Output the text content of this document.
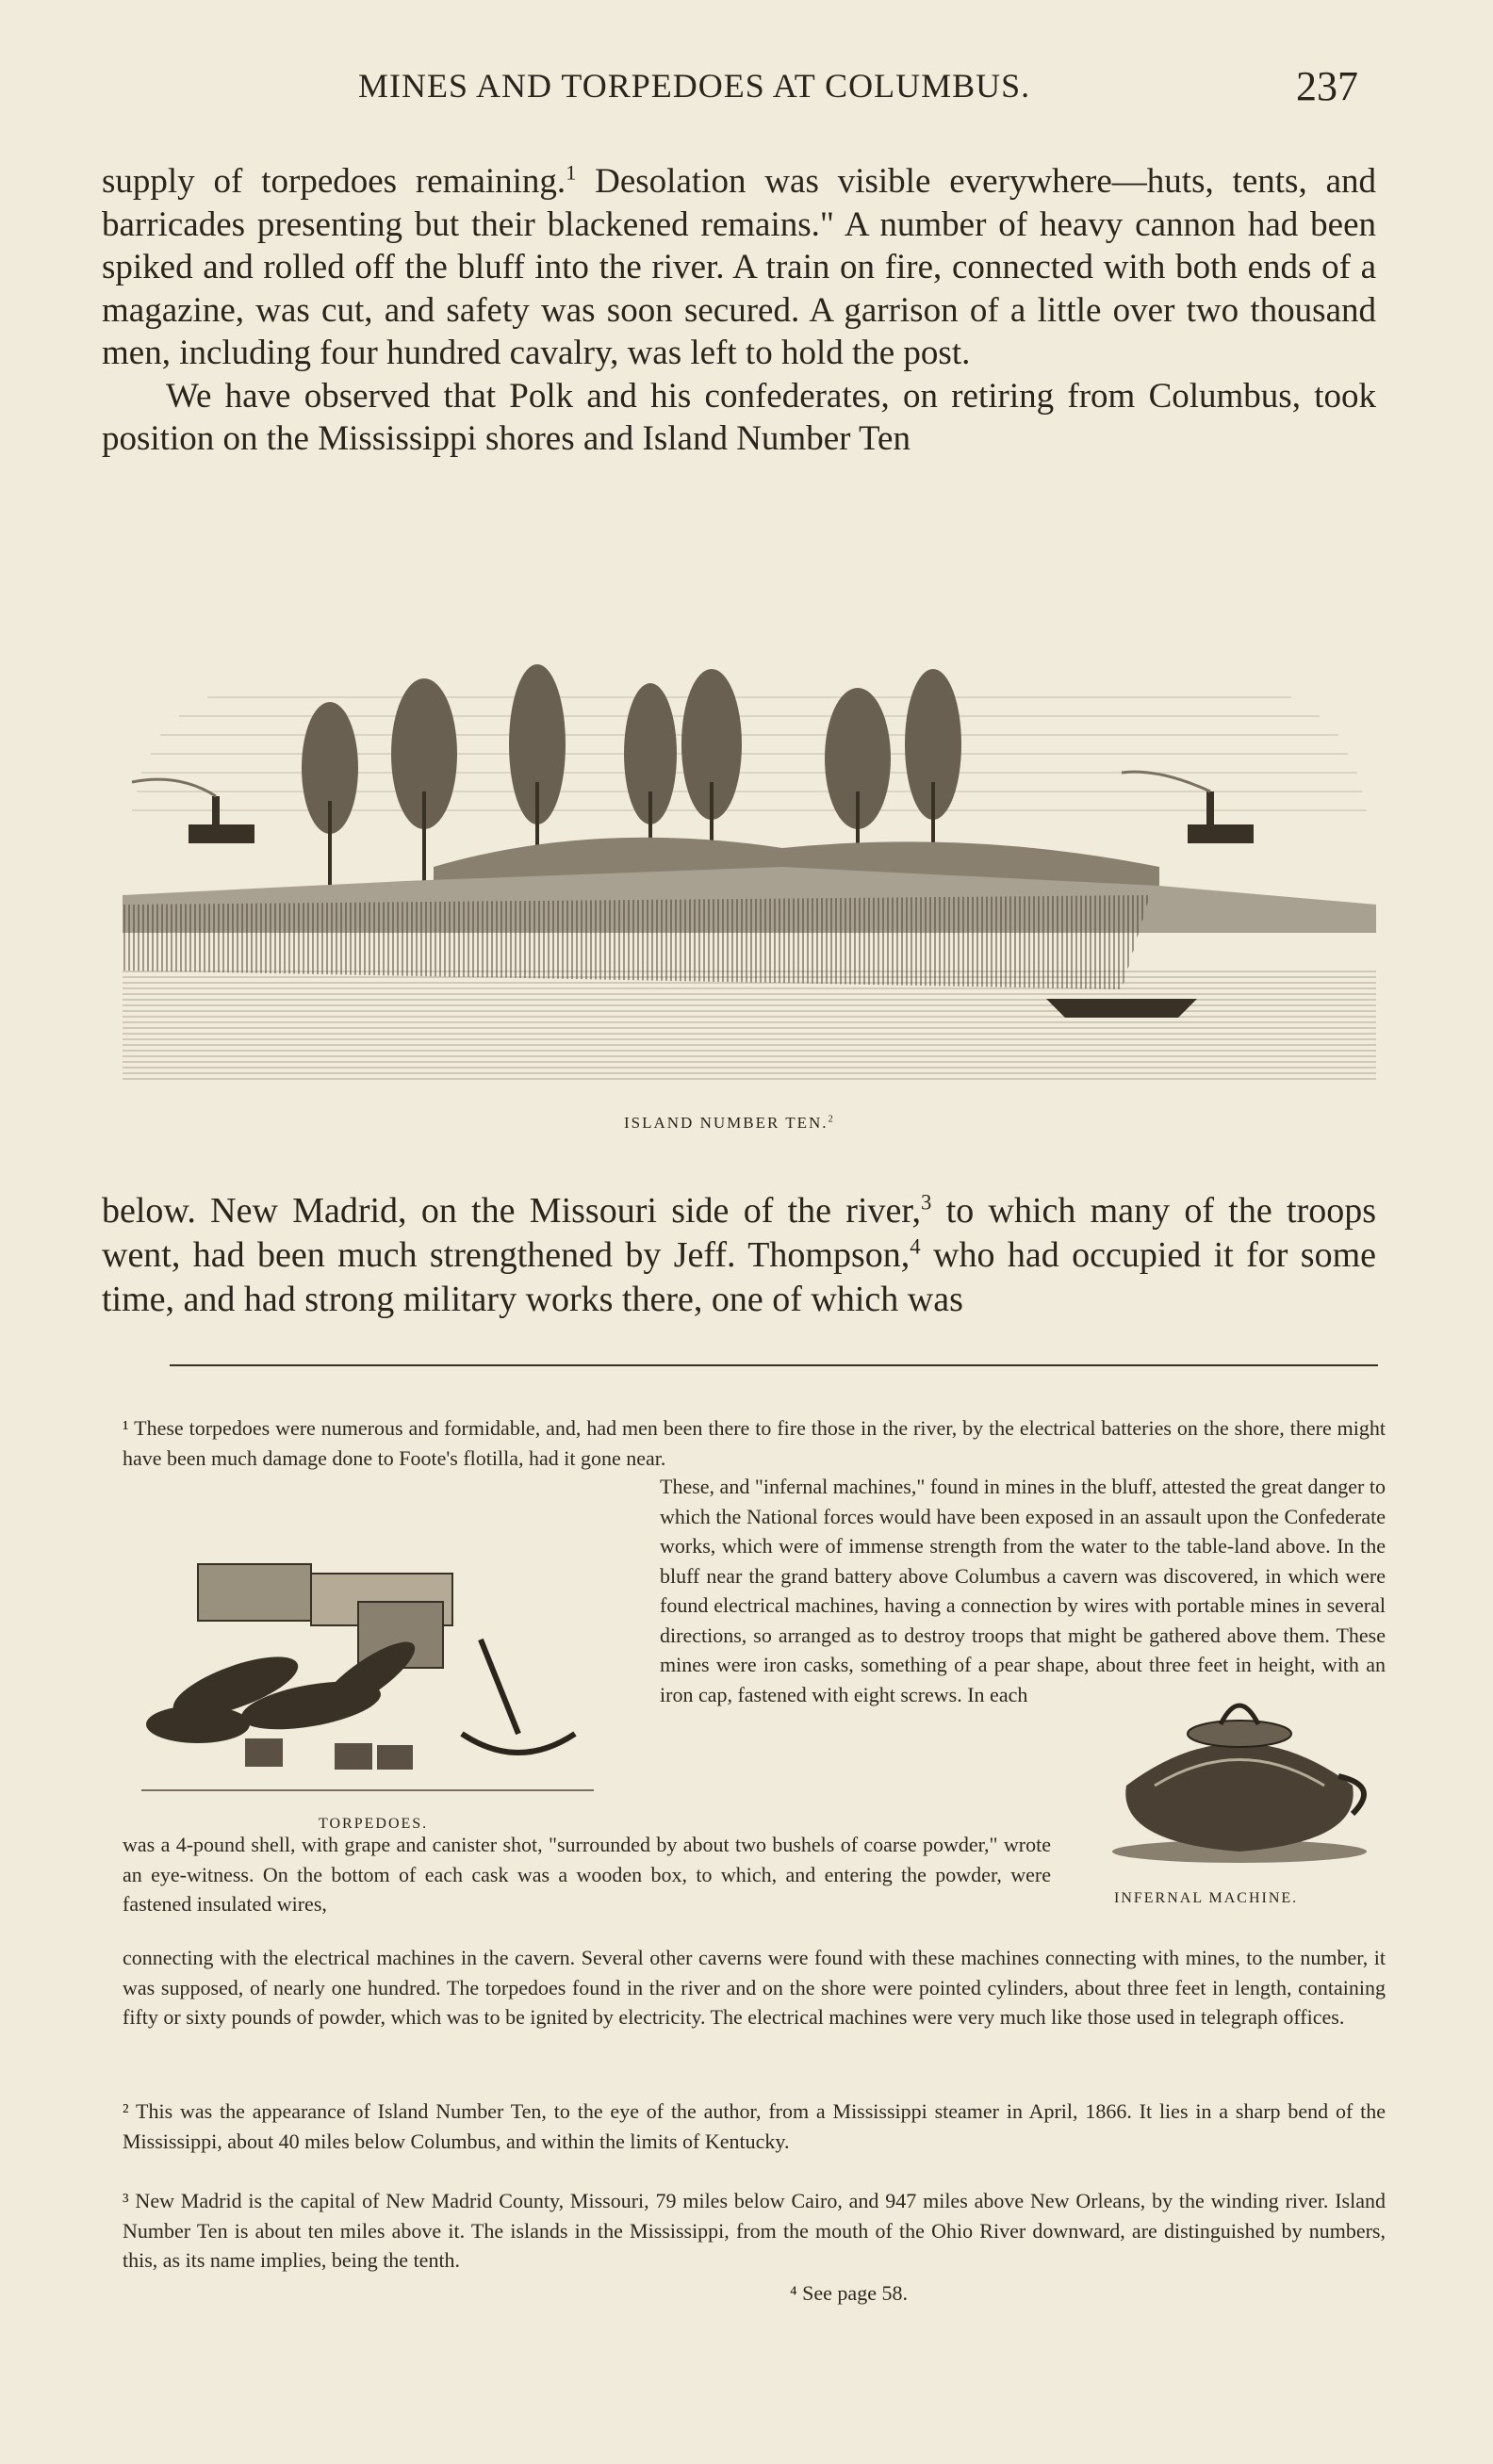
MINES AND TORPEDOES AT COLUMBUS.	237

supply of torpedoes remaining.$^1$ Desolation was visible everywhere—huts, tents, and barricades presenting but their blackened remains." A number of heavy cannon had been spiked and rolled off the bluff into the river. A train on fire, connected with both ends of a magazine, was cut, and safety was soon secured. A garrison of a little over two thousand men, including four hundred cavalry, was left to hold the post.

We have observed that Polk and his confederates, on retiring from Columbus, took position on the Mississippi shores and Island Number Ten

ISLAND NUMBER TEN.$^2$

below. New Madrid, on the Missouri side of the river,$^3$ to which many of the troops went, had been much strengthened by Jeff. Thompson,$^4$ who had occupied it for some time, and had strong military works there, one of which was

¹ These torpedoes were numerous and formidable, and, had men been there to fire those in the river, by the electrical batteries on the shore, there might have been much damage done to Foote's flotilla, had it gone near.
TORPEDOES.
These, and "infernal machines," found in mines in the bluff, attested the great danger to which the National forces would have been exposed in an assault upon the Confederate works, which were of immense strength from the water to the table-land above. In the bluff near the grand battery above Columbus a cavern was discovered, in which were found electrical machines, having a connection by wires with portable mines in several directions, so arranged as to destroy troops that might be gathered above them. These mines were iron casks, something of a pear shape, about three feet in height, with an iron cap, fastened with eight screws. In each
was a 4-pound shell, with grape and canister shot, "surrounded by about two bushels of coarse powder," wrote an eye-witness. On the bottom of each cask was a wooden box, to which, and entering the powder, were fastened insulated wires,	INFERNAL MACHINE.
connecting with the electrical machines in the cavern. Several other caverns were found with these machines connecting with mines, to the number, it was supposed, of nearly one hundred. The torpedoes found in the river and on the shore were pointed cylinders, about three feet in length, containing fifty or sixty pounds of powder, which was to be ignited by electricity. The electrical machines were very much like those used in telegraph offices.
² This was the appearance of Island Number Ten, to the eye of the author, from a Mississippi steamer in April, 1866. It lies in a sharp bend of the Mississippi, about 40 miles below Columbus, and within the limits of Kentucky.
³ New Madrid is the capital of New Madrid County, Missouri, 79 miles below Cairo, and 947 miles above New Orleans, by the winding river. Island Number Ten is about ten miles above it. The islands in the Mississippi, from the mouth of the Ohio River downward, are distinguished by numbers, this, as its name implies, being the tenth.
⁴ See page 58.
